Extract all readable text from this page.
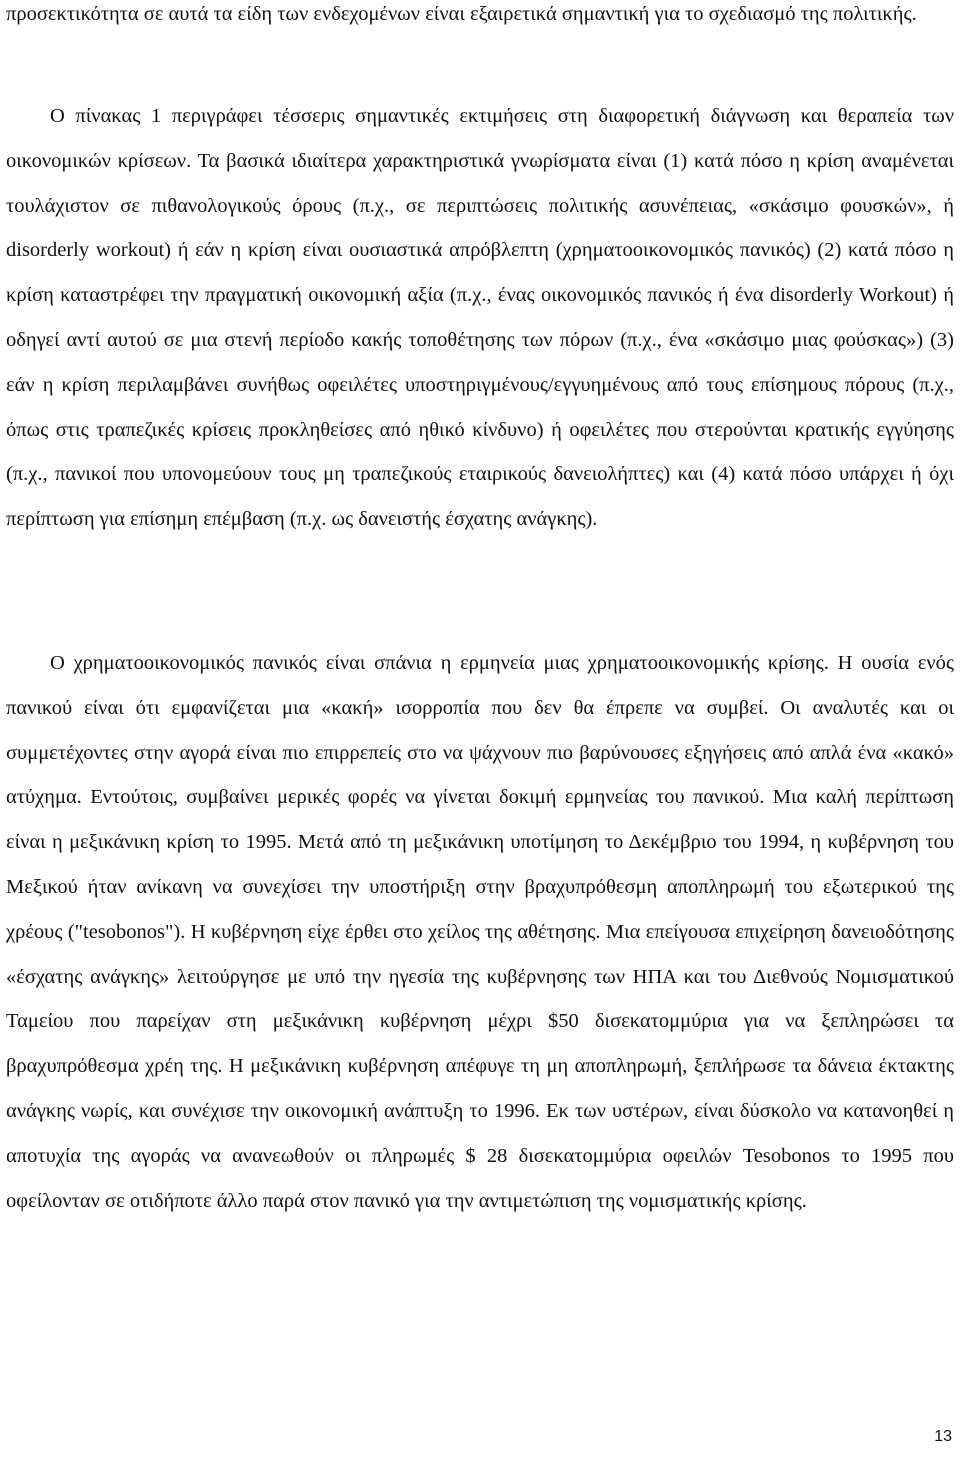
προσεκτικότητα σε αυτά τα είδη των ενδεχομένων είναι εξαιρετικά σημαντική για το σχεδιασμό της πολιτικής.

Ο πίνακας 1 περιγράφει τέσσερις σημαντικές εκτιμήσεις στη διαφορετική διάγνωση και θεραπεία των οικονομικών κρίσεων. Τα βασικά ιδιαίτερα χαρακτηριστικά γνωρίσματα είναι (1) κατά πόσο η κρίση αναμένεται τουλάχιστον σε πιθανολογικούς όρους (π.χ., σε περιπτώσεις πολιτικής ασυνέπειας, «σκάσιμο φουσκών», ή disorderly workout) ή εάν η κρίση είναι ουσιαστικά απρόβλεπτη (χρηματοοικονομικός πανικός) (2) κατά πόσο η κρίση καταστρέφει την πραγματική οικονομική αξία (π.χ., ένας οικονομικός πανικός ή ένα disorderly Workout) ή οδηγεί αντί αυτού σε μια στενή περίοδο κακής τοποθέτησης των πόρων (π.χ., ένα «σκάσιμο μιας φούσκας») (3) εάν η κρίση περιλαμβάνει συνήθως οφειλέτες υποστηριγμένους/εγγυημένους από τους επίσημους πόρους (π.χ., όπως στις τραπεζικές κρίσεις προκληθείσες από ηθικό κίνδυνο) ή οφειλέτες που στερούνται κρατικής εγγύησης (π.χ., πανικοί που υπονομεύουν τους μη τραπεζικούς εταιρικούς δανειολήπτες) και (4) κατά πόσο υπάρχει ή όχι περίπτωση για επίσημη επέμβαση (π.χ. ως δανειστής έσχατης ανάγκης).

Ο χρηματοοικονομικός πανικός είναι σπάνια η ερμηνεία μιας χρηματοοικονομικής κρίσης. Η ουσία ενός πανικού είναι ότι εμφανίζεται μια «κακή» ισορροπία που δεν θα έπρεπε να συμβεί. Οι αναλυτές και οι συμμετέχοντες στην αγορά είναι πιο επιρρεπείς στο να ψάχνουν πιο βαρύνουσες εξηγήσεις από απλά ένα «κακό» ατύχημα. Εντούτοις, συμβαίνει μερικές φορές να γίνεται δοκιμή ερμηνείας του πανικού. Μια καλή περίπτωση είναι η μεξικάνικη κρίση το 1995. Μετά από τη μεξικάνικη υποτίμηση το Δεκέμβριο του 1994, η κυβέρνηση του Μεξικού ήταν ανίκανη να συνεχίσει την υποστήριξη στην βραχυπρόθεσμη αποπληρωμή του εξωτερικού της χρέους ("tesobonos"). Η κυβέρνηση είχε έρθει στο χείλος της αθέτησης. Μια επείγουσα επιχείρηση δανειοδότησης «έσχατης ανάγκης» λειτούργησε με υπό την ηγεσία της κυβέρνησης των ΗΠΑ και του Διεθνούς Νομισματικού Ταμείου που παρείχαν στη μεξικάνικη κυβέρνηση μέχρι $50 δισεκατομμύρια για να ξεπληρώσει τα βραχυπρόθεσμα χρέη της. Η μεξικάνικη κυβέρνηση απέφυγε τη μη αποπληρωμή, ξεπλήρωσε τα δάνεια έκτακτης ανάγκης νωρίς, και συνέχισε την οικονομική ανάπτυξη το 1996. Εκ των υστέρων, είναι δύσκολο να κατανοηθεί η αποτυχία της αγοράς να ανανεωθούν οι πληρωμές $ 28 δισεκατομμύρια οφειλών Tesobonos το 1995 που οφείλονταν σε οτιδήποτε άλλο παρά στον πανικό για την αντιμετώπιση της νομισματικής κρίσης.

13
